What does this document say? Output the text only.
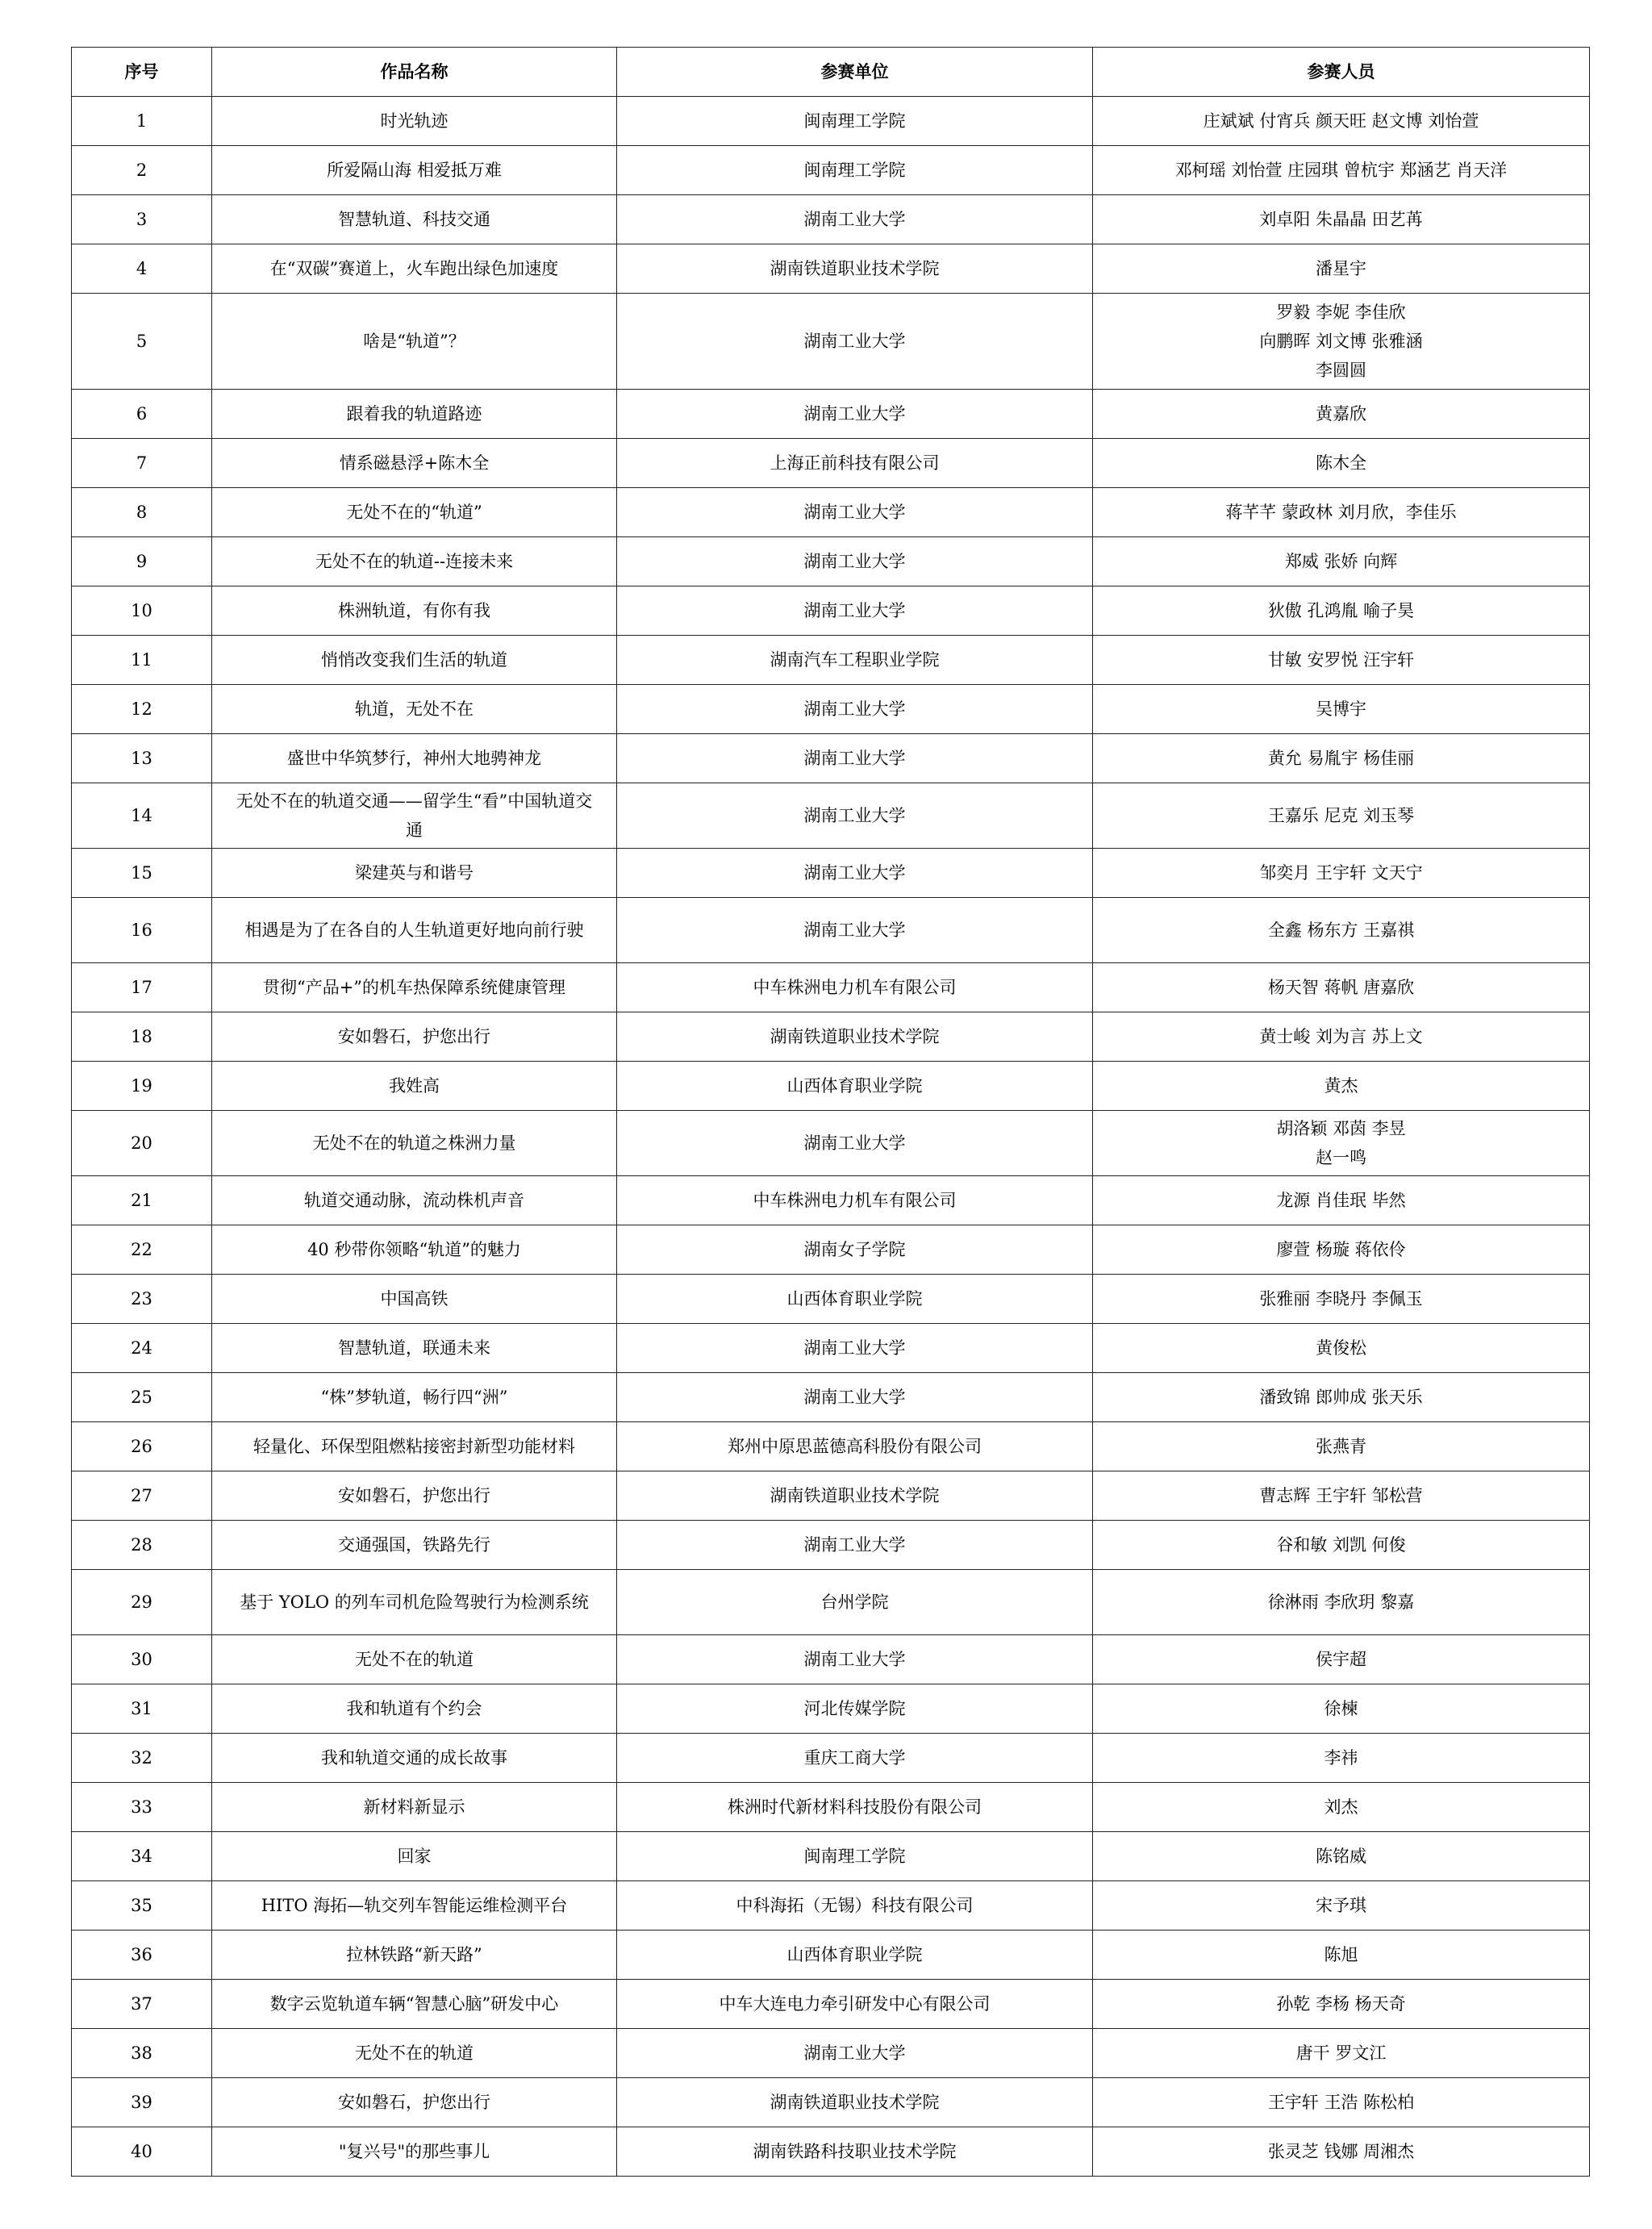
序号	作品名称	参赛单位	参赛人员
1	时光轨迹	闽南理工学院	庄斌斌 付宵兵 颜天旺 赵文博 刘怡萱
2	所爱隔山海 相爱抵万难	闽南理工学院	邓柯瑶 刘怡萱 庄园琪 曾杭宇 郑涵艺 肖天洋
3	智慧轨道、科技交通	湖南工业大学	刘卓阳 朱晶晶 田艺苒
4	在“双碳”赛道上，火车跑出绿色加速度	湖南铁道职业技术学院	潘星宇
5	啥是“轨道”？	湖南工业大学	罗毅 李妮 李佳欣
向鹏晖 刘文博 张雅涵
李圆圆
6	跟着我的轨道路迹	湖南工业大学	黄嘉欣
7	情系磁悬浮+陈木全	上海正前科技有限公司	陈木全
8	无处不在的“轨道”	湖南工业大学	蒋芊芊 蒙政林 刘月欣，李佳乐
9	无处不在的轨道--连接未来	湖南工业大学	郑威 张娇 向辉
10	株洲轨道，有你有我	湖南工业大学	狄傲 孔鸿胤 喻子昊
11	悄悄改变我们生活的轨道	湖南汽车工程职业学院	甘敏 安罗悦 汪宇轩
12	轨道，无处不在	湖南工业大学	吴博宇
13	盛世中华筑梦行，神州大地骋神龙	湖南工业大学	黄允 易胤宇 杨佳丽
14	无处不在的轨道交通——留学生“看”中国轨道交
通	湖南工业大学	王嘉乐 尼克 刘玉琴
15	梁建英与和谐号	湖南工业大学	邹奕月 王宇轩 文天宁
16	相遇是为了在各自的人生轨道更好地向前行驶	湖南工业大学	全鑫 杨东方 王嘉祺
17	贯彻“产品+”的机车热保障系统健康管理	中车株洲电力机车有限公司	杨天智 蒋帆 唐嘉欣
18	安如磐石，护您出行	湖南铁道职业技术学院	黄士峻 刘为言 苏上文
19	我姓高	山西体育职业学院	黄杰
20	无处不在的轨道之株洲力量	湖南工业大学	胡洛颖 邓茵 李昱
赵一鸣
21	轨道交通动脉，流动株机声音	中车株洲电力机车有限公司	龙源 肖佳珉 毕然
22	40 秒带你领略“轨道”的魅力	湖南女子学院	廖萱 杨璇 蒋依伶
23	中国高铁	山西体育职业学院	张雅丽 李晓丹 李佩玉
24	智慧轨道，联通未来	湖南工业大学	黄俊松
25	“株”梦轨道，畅行四“洲”	湖南工业大学	潘致锦 郎帅成 张天乐
26	轻量化、环保型阻燃粘接密封新型功能材料	郑州中原思蓝德高科股份有限公司	张燕青
27	安如磐石，护您出行	湖南铁道职业技术学院	曹志辉 王宇轩 邹松营
28	交通强国，铁路先行	湖南工业大学	谷和敏 刘凯 何俊
29	基于 YOLO 的列车司机危险驾驶行为检测系统	台州学院	徐淋雨 李欣玥 黎嘉
30	无处不在的轨道	湖南工业大学	侯宇超
31	我和轨道有个约会	河北传媒学院	徐楝
32	我和轨道交通的成长故事	重庆工商大学	李祎
33	新材料新显示	株洲时代新材料科技股份有限公司	刘杰
34	回家	闽南理工学院	陈铭威
35	HITO 海拓—轨交列车智能运维检测平台	中科海拓（无锡）科技有限公司	宋予琪
36	拉林铁路“新天路”	山西体育职业学院	陈旭
37	数字云览轨道车辆“智慧心脑”研发中心	中车大连电力牵引研发中心有限公司	孙乾 李杨 杨天奇
38	无处不在的轨道	湖南工业大学	唐干 罗文江
39	安如磐石，护您出行	湖南铁道职业技术学院	王宇轩 王浩 陈松柏
40	"复兴号"的那些事儿	湖南铁路科技职业技术学院	张灵芝 钱娜 周湘杰
